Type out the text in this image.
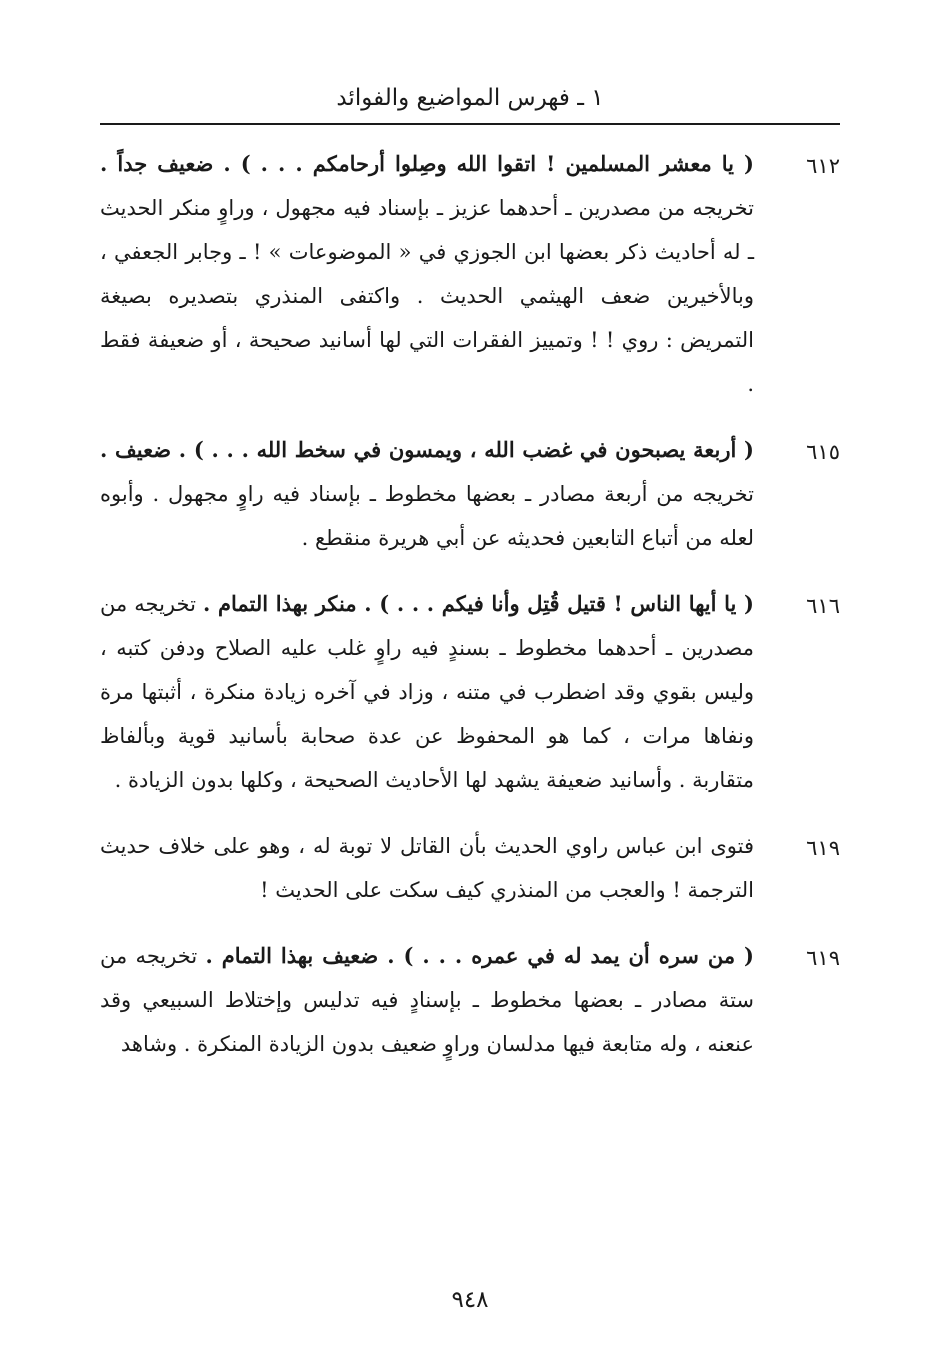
١ ـ فهرس المواضيع والفوائد
٦١٢
( يا معشر المسلمين ! اتقوا الله وصِلوا أرحامكم . . . ) . ضعيف جداً . تخريجه من مصدرين ـ أحدهما عزيز ـ بإسناد فيه مجهول ، وراوٍ منكر الحديث ـ له أحاديث ذكر بعضها ابن الجوزي في « الموضوعات » ! ـ وجابر الجعفي ، وبالأخيرين ضعف الهيثمي الحديث . واكتفى المنذري بتصديره بصيغة التمريض : روي ! ! وتمييز الفقرات التي لها أسانيد صحيحة ، أو ضعيفة فقط .
٦١٥
( أربعة يصبحون في غضب الله ، ويمسون في سخط الله . . . ) . ضعيف . تخريجه من أربعة مصادر ـ بعضها مخطوط ـ بإسناد فيه راوٍ مجهول . وأبوه لعله من أتباع التابعين فحديثه عن أبي هريرة منقطع .
٦١٦
( يا أيها الناس ! قتيل قُتِل وأنا فيكم . . . ) . منكر بهذا التمام . تخريجه من مصدرين ـ أحدهما مخطوط ـ بسندٍ فيه راوٍ غلب عليه الصلاح ودفن كتبه ، وليس بقوي وقد اضطرب في متنه ، وزاد في آخره زيادة منكرة ، أثبتها مرة ونفاها مرات ، كما هو المحفوظ عن عدة صحابة بأسانيد قوية وبألفاظ متقاربة . وأسانيد ضعيفة يشهد لها الأحاديث الصحيحة ، وكلها بدون الزيادة .
٦١٩
فتوى ابن عباس راوي الحديث بأن القاتل لا توبة له ، وهو على خلاف حديث الترجمة ! والعجب من المنذري كيف سكت على الحديث !
٦١٩
( من سره أن يمد له في عمره . . . ) . ضعيف بهذا التمام . تخريجه من ستة مصادر ـ بعضها مخطوط ـ بإسنادٍ فيه تدليس وإختلاط السبيعي وقد عنعنه ، وله متابعة فيها مدلسان وراوٍ ضعيف بدون الزيادة المنكرة . وشاهد
٩٤٨
